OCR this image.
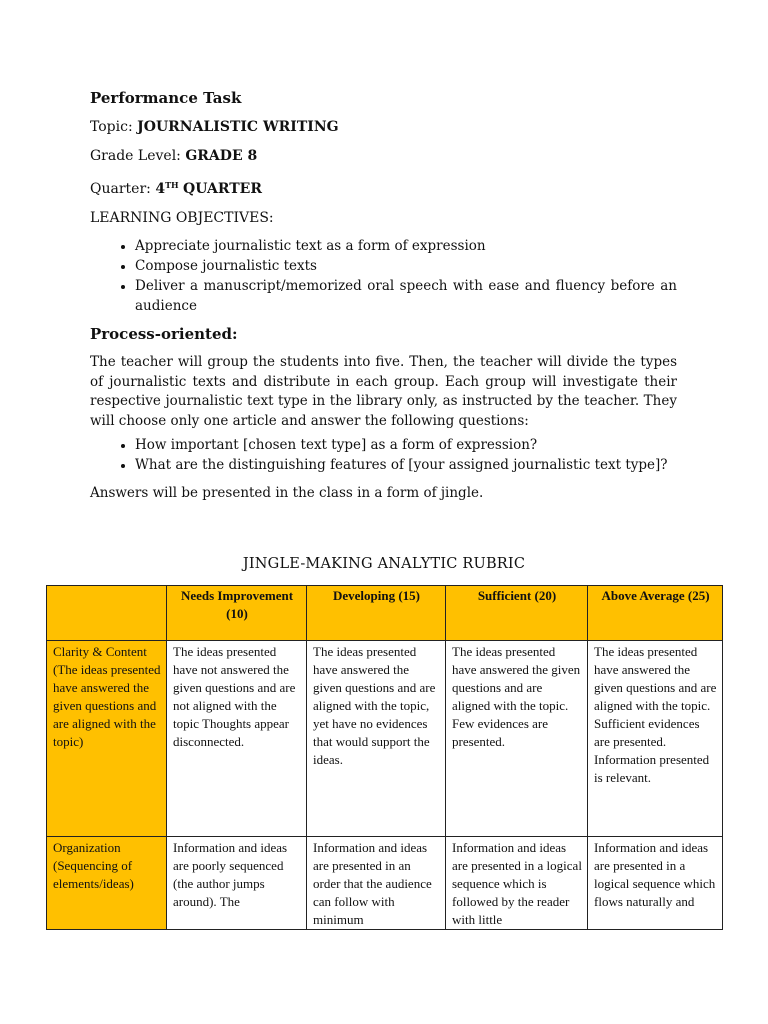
Performance Task
Topic: JOURNALISTIC WRITING
Grade Level: GRADE 8
Quarter: 4TH QUARTER
LEARNING OBJECTIVES:
• Appreciate journalistic text as a form of expression
• Compose journalistic texts
• Deliver a manuscript/memorized oral speech with ease and fluency before an audience
Process-oriented:

The teacher will group the students into five. Then, the teacher will divide the types of journalistic texts and distribute in each group. Each group will investigate their respective journalistic text type in the library only, as instructed by the teacher. They will choose only one article and answer the following questions:

• How important [chosen text type] as a form of expression?
• What are the distinguishing features of [your assigned journalistic text type]?

Answers will be presented in the class in a form of jingle.

JINGLE-MAKING ANALYTIC RUBRIC
	Needs Improvement (10)	Developing (15)	Sufficient (20)	Above Average (25)
Clarity & Content (The ideas presented have answered the given questions and are aligned with the topic)	The ideas presented have not answered the given questions and are not aligned with the topic Thoughts appear disconnected.	The ideas presented have answered the given questions and are aligned with the topic, yet have no evidences that would support the ideas.	The ideas presented have answered the given questions and are aligned with the topic. Few evidences are presented.	The ideas presented have answered the given questions and are aligned with the topic. Sufficient evidences are presented. Information presented is relevant.
Organization (Sequencing of elements/ideas)	Information and ideas are poorly sequenced (the author jumps around). The	Information and ideas are presented in an order that the audience can follow with minimum	Information and ideas are presented in a logical sequence which is followed by the reader with little	Information and ideas are presented in a logical sequence which flows naturally and
